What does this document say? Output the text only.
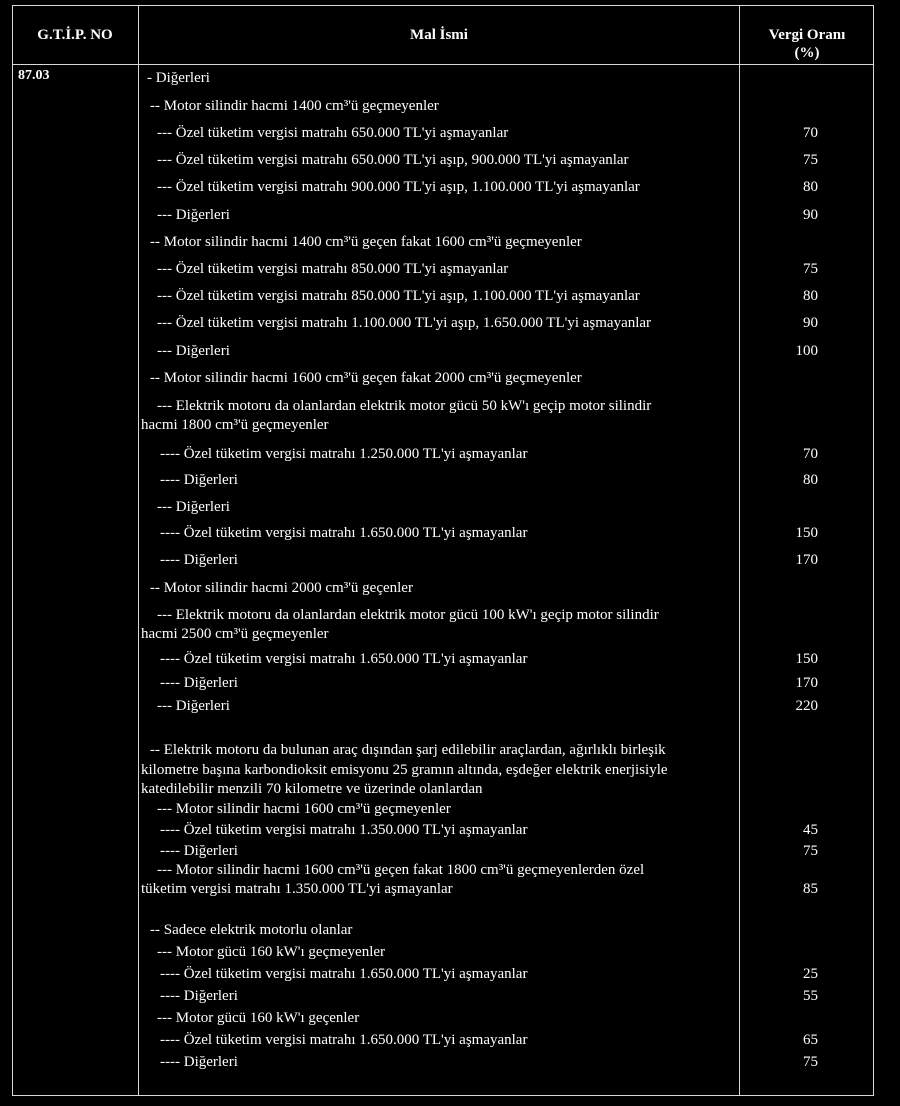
G.T.İ.P. NO	Mal İsmi	Vergi Oranı
(%)
87.03	- Diğerleri
-- Motor silindir hacmi 1400 cm³'ü geçmeyenler
--- Özel tüketim vergisi matrahı 650.000 TL'yi aşmayanlar	70
--- Özel tüketim vergisi matrahı 650.000 TL'yi aşıp, 900.000 TL'yi aşmayanlar	75
--- Özel tüketim vergisi matrahı 900.000 TL'yi aşıp, 1.100.000 TL'yi aşmayanlar	80
--- Diğerleri	90
-- Motor silindir hacmi 1400 cm³'ü geçen fakat 1600 cm³'ü geçmeyenler
--- Özel tüketim vergisi matrahı 850.000 TL'yi aşmayanlar	75
--- Özel tüketim vergisi matrahı 850.000 TL'yi aşıp, 1.100.000 TL'yi aşmayanlar	80
--- Özel tüketim vergisi matrahı 1.100.000 TL'yi aşıp, 1.650.000 TL'yi aşmayanlar	90
--- Diğerleri	100
-- Motor silindir hacmi 1600 cm³'ü geçen fakat 2000 cm³'ü geçmeyenler
--- Elektrik motoru da olanlardan elektrik motor gücü 50 kW'ı geçip motor silindir
hacmi 1800 cm³'ü geçmeyenler
---- Özel tüketim vergisi matrahı 1.250.000 TL'yi aşmayanlar	70
---- Diğerleri	80
--- Diğerleri
---- Özel tüketim vergisi matrahı 1.650.000 TL'yi aşmayanlar	150
---- Diğerleri	170
-- Motor silindir hacmi 2000 cm³'ü geçenler
--- Elektrik motoru da olanlardan elektrik motor gücü 100 kW'ı geçip motor silindir
hacmi 2500 cm³'ü geçmeyenler
---- Özel tüketim vergisi matrahı 1.650.000 TL'yi aşmayanlar	150
---- Diğerleri	170
--- Diğerleri	220
-- Elektrik motoru da bulunan araç dışından şarj edilebilir araçlardan, ağırlıklı birleşik
kilometre başına karbondioksit emisyonu 25 gramın altında, eşdeğer elektrik enerjisiyle
katedilebilir menzili 70 kilometre ve üzerinde olanlardan
--- Motor silindir hacmi 1600 cm³'ü geçmeyenler
---- Özel tüketim vergisi matrahı 1.350.000 TL'yi aşmayanlar	45
---- Diğerleri	75
--- Motor silindir hacmi 1600 cm³'ü geçen fakat 1800 cm³'ü geçmeyenlerden özel
tüketim vergisi matrahı 1.350.000 TL'yi aşmayanlar	85
-- Sadece elektrik motorlu olanlar
--- Motor gücü 160 kW'ı geçmeyenler
---- Özel tüketim vergisi matrahı 1.650.000 TL'yi aşmayanlar	25
---- Diğerleri	55
--- Motor gücü 160 kW'ı geçenler
---- Özel tüketim vergisi matrahı 1.650.000 TL'yi aşmayanlar	65
---- Diğerleri	75
